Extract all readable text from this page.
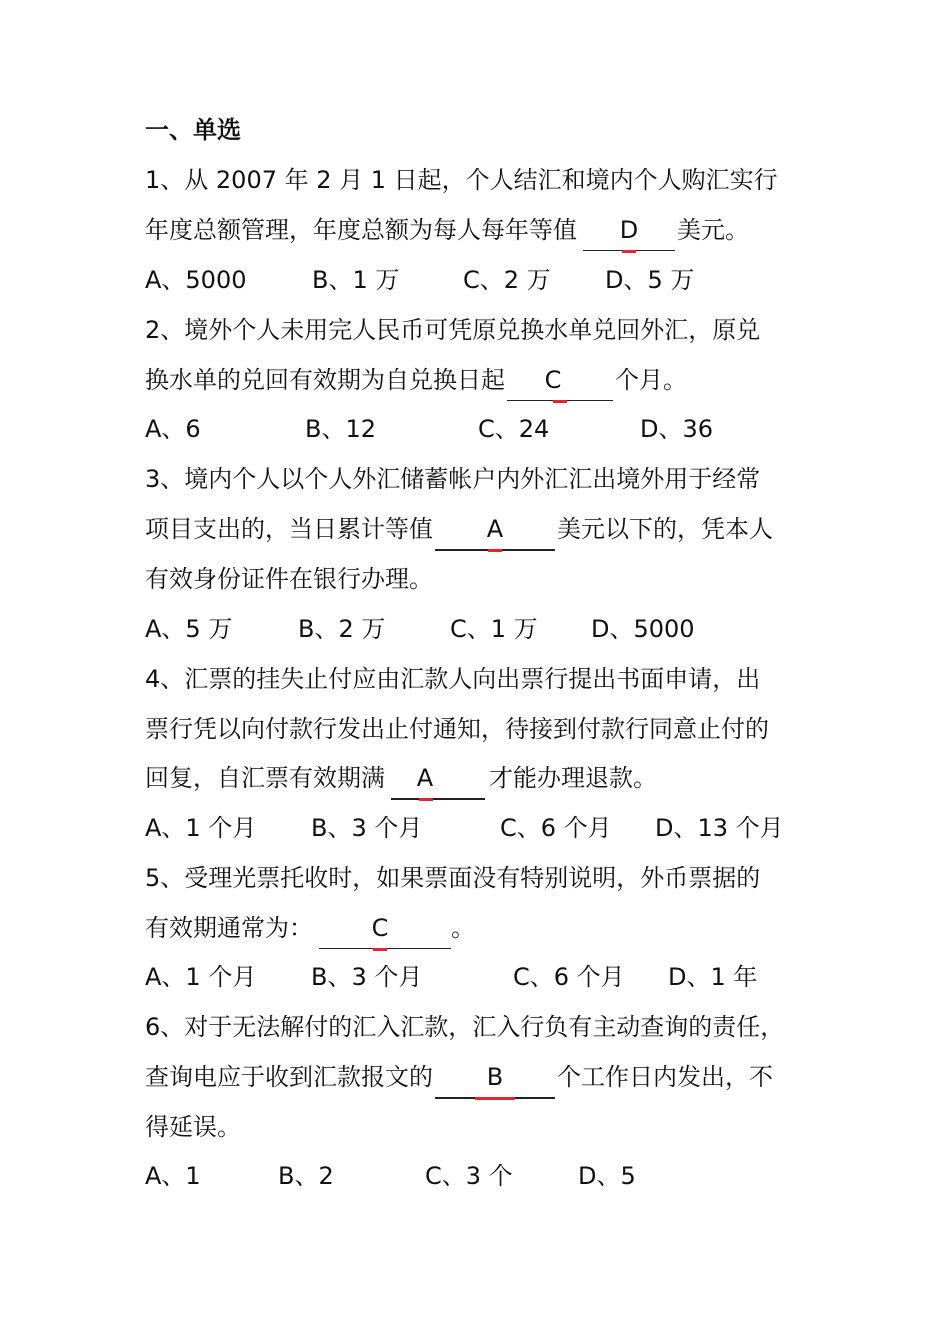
一、单选
1、从 2007 年 2 月 1 日起，个人结汇和境内个人购汇实行
年度总额管理，年度总额为每人每年等值 D 美元。
A、5000	B、1 万	C、2 万 D、5 万
2、境外个人未用完人民币可凭原兑换水单兑回外汇，原兑
换水单的兑回有效期为自兑换日起 C 个月。
A、6	B、12	C、24	D、36
3、境内个人以个人外汇储蓄帐户内外汇汇出境外用于经常
项目支出的，当日累计等值 A 美元以下的，凭本人
有效身份证件在银行办理。
A、5 万	B、2 万	C、1 万 D、5000
4、汇票的挂失止付应由汇款人向出票行提出书面申请，出
票行凭以向付款行发出止付通知，待接到付款行同意止付的
回复，自汇票有效期满 A 才能办理退款。
A、1 个月 B、3 个月	C、6 个月 D、13 个月
5、受理光票托收时，如果票面没有特别说明，外币票据的
有效期通常为： C	。
A、1 个月 B、3 个月	C、6 个月 D、1 年
6、对于无法解付的汇入汇款，汇入行负有主动查询的责任，
查询电应于收到汇款报文的 B 个工作日内发出，不
得延误。
A、1	B、2	C、3 个	D、5
